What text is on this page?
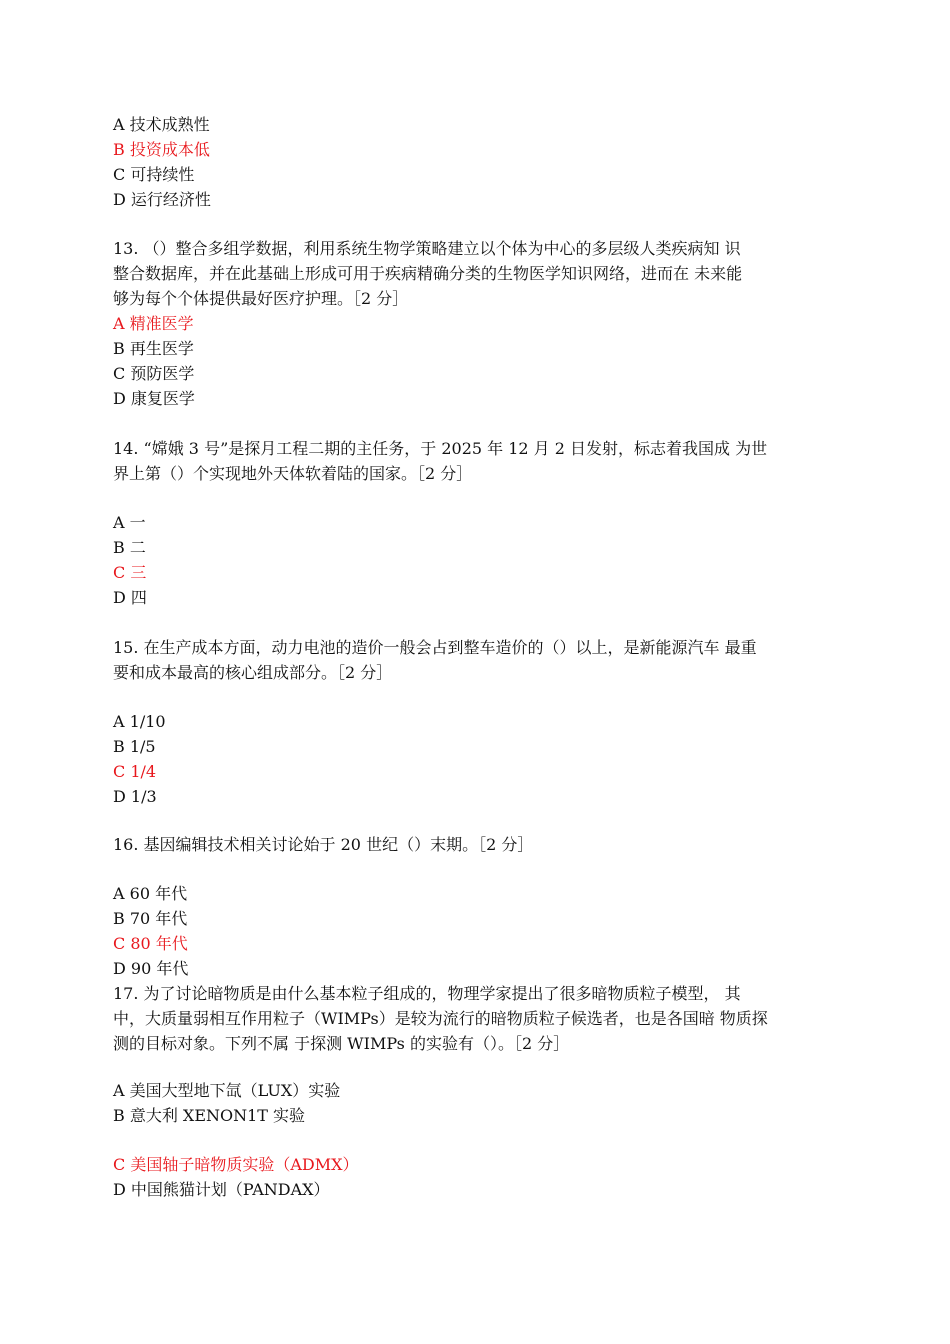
A 技术成熟性
B 投资成本低
C 可持续性
D 运行经济性
13. （）整合多组学数据，利用系统生物学策略建立以个体为中心的多层级人类疾病知 识
整合数据库，并在此基础上形成可用于疾病精确分类的生物医学知识网络，进而在 未来能
够为每个个体提供最好医疗护理。［2 分］
A 精准医学
B 再生医学
C 预防医学
D 康复医学
14. “嫦娥 3 号”是探月工程二期的主任务，于 2025 年 12 月 2 日发射，标志着我国成 为世
界上第（）个实现地外天体软着陆的国家。［2 分］
A 一
B 二
C 三
D 四
15. 在生产成本方面，动力电池的造价一般会占到整车造价的（）以上，是新能源汽车 最重
要和成本最高的核心组成部分。［2 分］
A 1/10
B 1/5
C 1/4
D 1/3
16. 基因编辑技术相关讨论始于 20 世纪（）末期。［2 分］
A 60 年代
B 70 年代
C 80 年代
D 90 年代
17. 为了讨论暗物质是由什么基本粒子组成的，物理学家提出了很多暗物质粒子模型， 其
中，大质量弱相互作用粒子（WIMPs）是较为流行的暗物质粒子候选者，也是各国暗 物质探
测的目标对象。下列不属 于探测 WIMPs 的实验有（）。［2 分］
A 美国大型地下氙（LUX）实验
B 意大利 XENON1T 实验
C 美国轴子暗物质实验（ADMX）
D 中国熊猫计划（PANDAX）
